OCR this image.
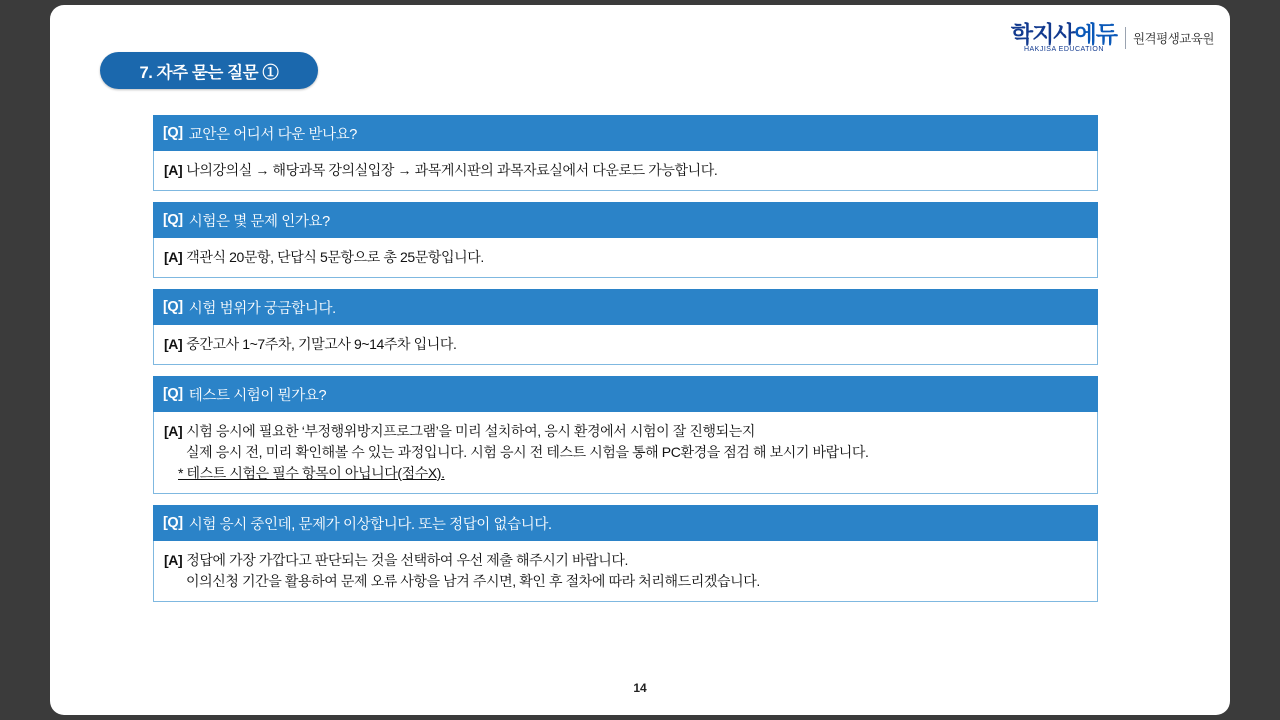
학지사에듀
HAKJISA EDUCATION
원격평생교육원
7. 자주 묻는 질문 ①
[Q] 교안은 어디서 다운 받나요?
[A] 나의강의실 → 해당과목 강의실입장 → 과목게시판의 과목자료실에서 다운로드 가능합니다.
[Q] 시험은 몇 문제 인가요?
[A] 객관식 20문항, 단답식 5문항으로 총 25문항입니다.
[Q] 시험 범위가 궁금합니다.
[A] 중간고사 1~7주차, 기말고사 9~14주차 입니다.
[Q] 테스트 시험이 뭔가요?
[A] 시험 응시에 필요한 ‘부정행위방지프로그램’을 미리 설치하여, 응시 환경에서 시험이 잘 진행되는지
실제 응시 전, 미리 확인해볼 수 있는 과정입니다. 시험 응시 전 테스트 시험을 통해 PC환경을 점검 해 보시기 바랍니다.
* 테스트 시험은 필수 항목이 아닙니다(점수X).
[Q] 시험 응시 중인데, 문제가 이상합니다. 또는 정답이 없습니다.
[A] 정답에 가장 가깝다고 판단되는 것을 선택하여 우선 제출 해주시기 바랍니다.
이의신청 기간을 활용하여 문제 오류 사항을 남겨 주시면, 확인 후 절차에 따라 처리해드리겠습니다.
14
